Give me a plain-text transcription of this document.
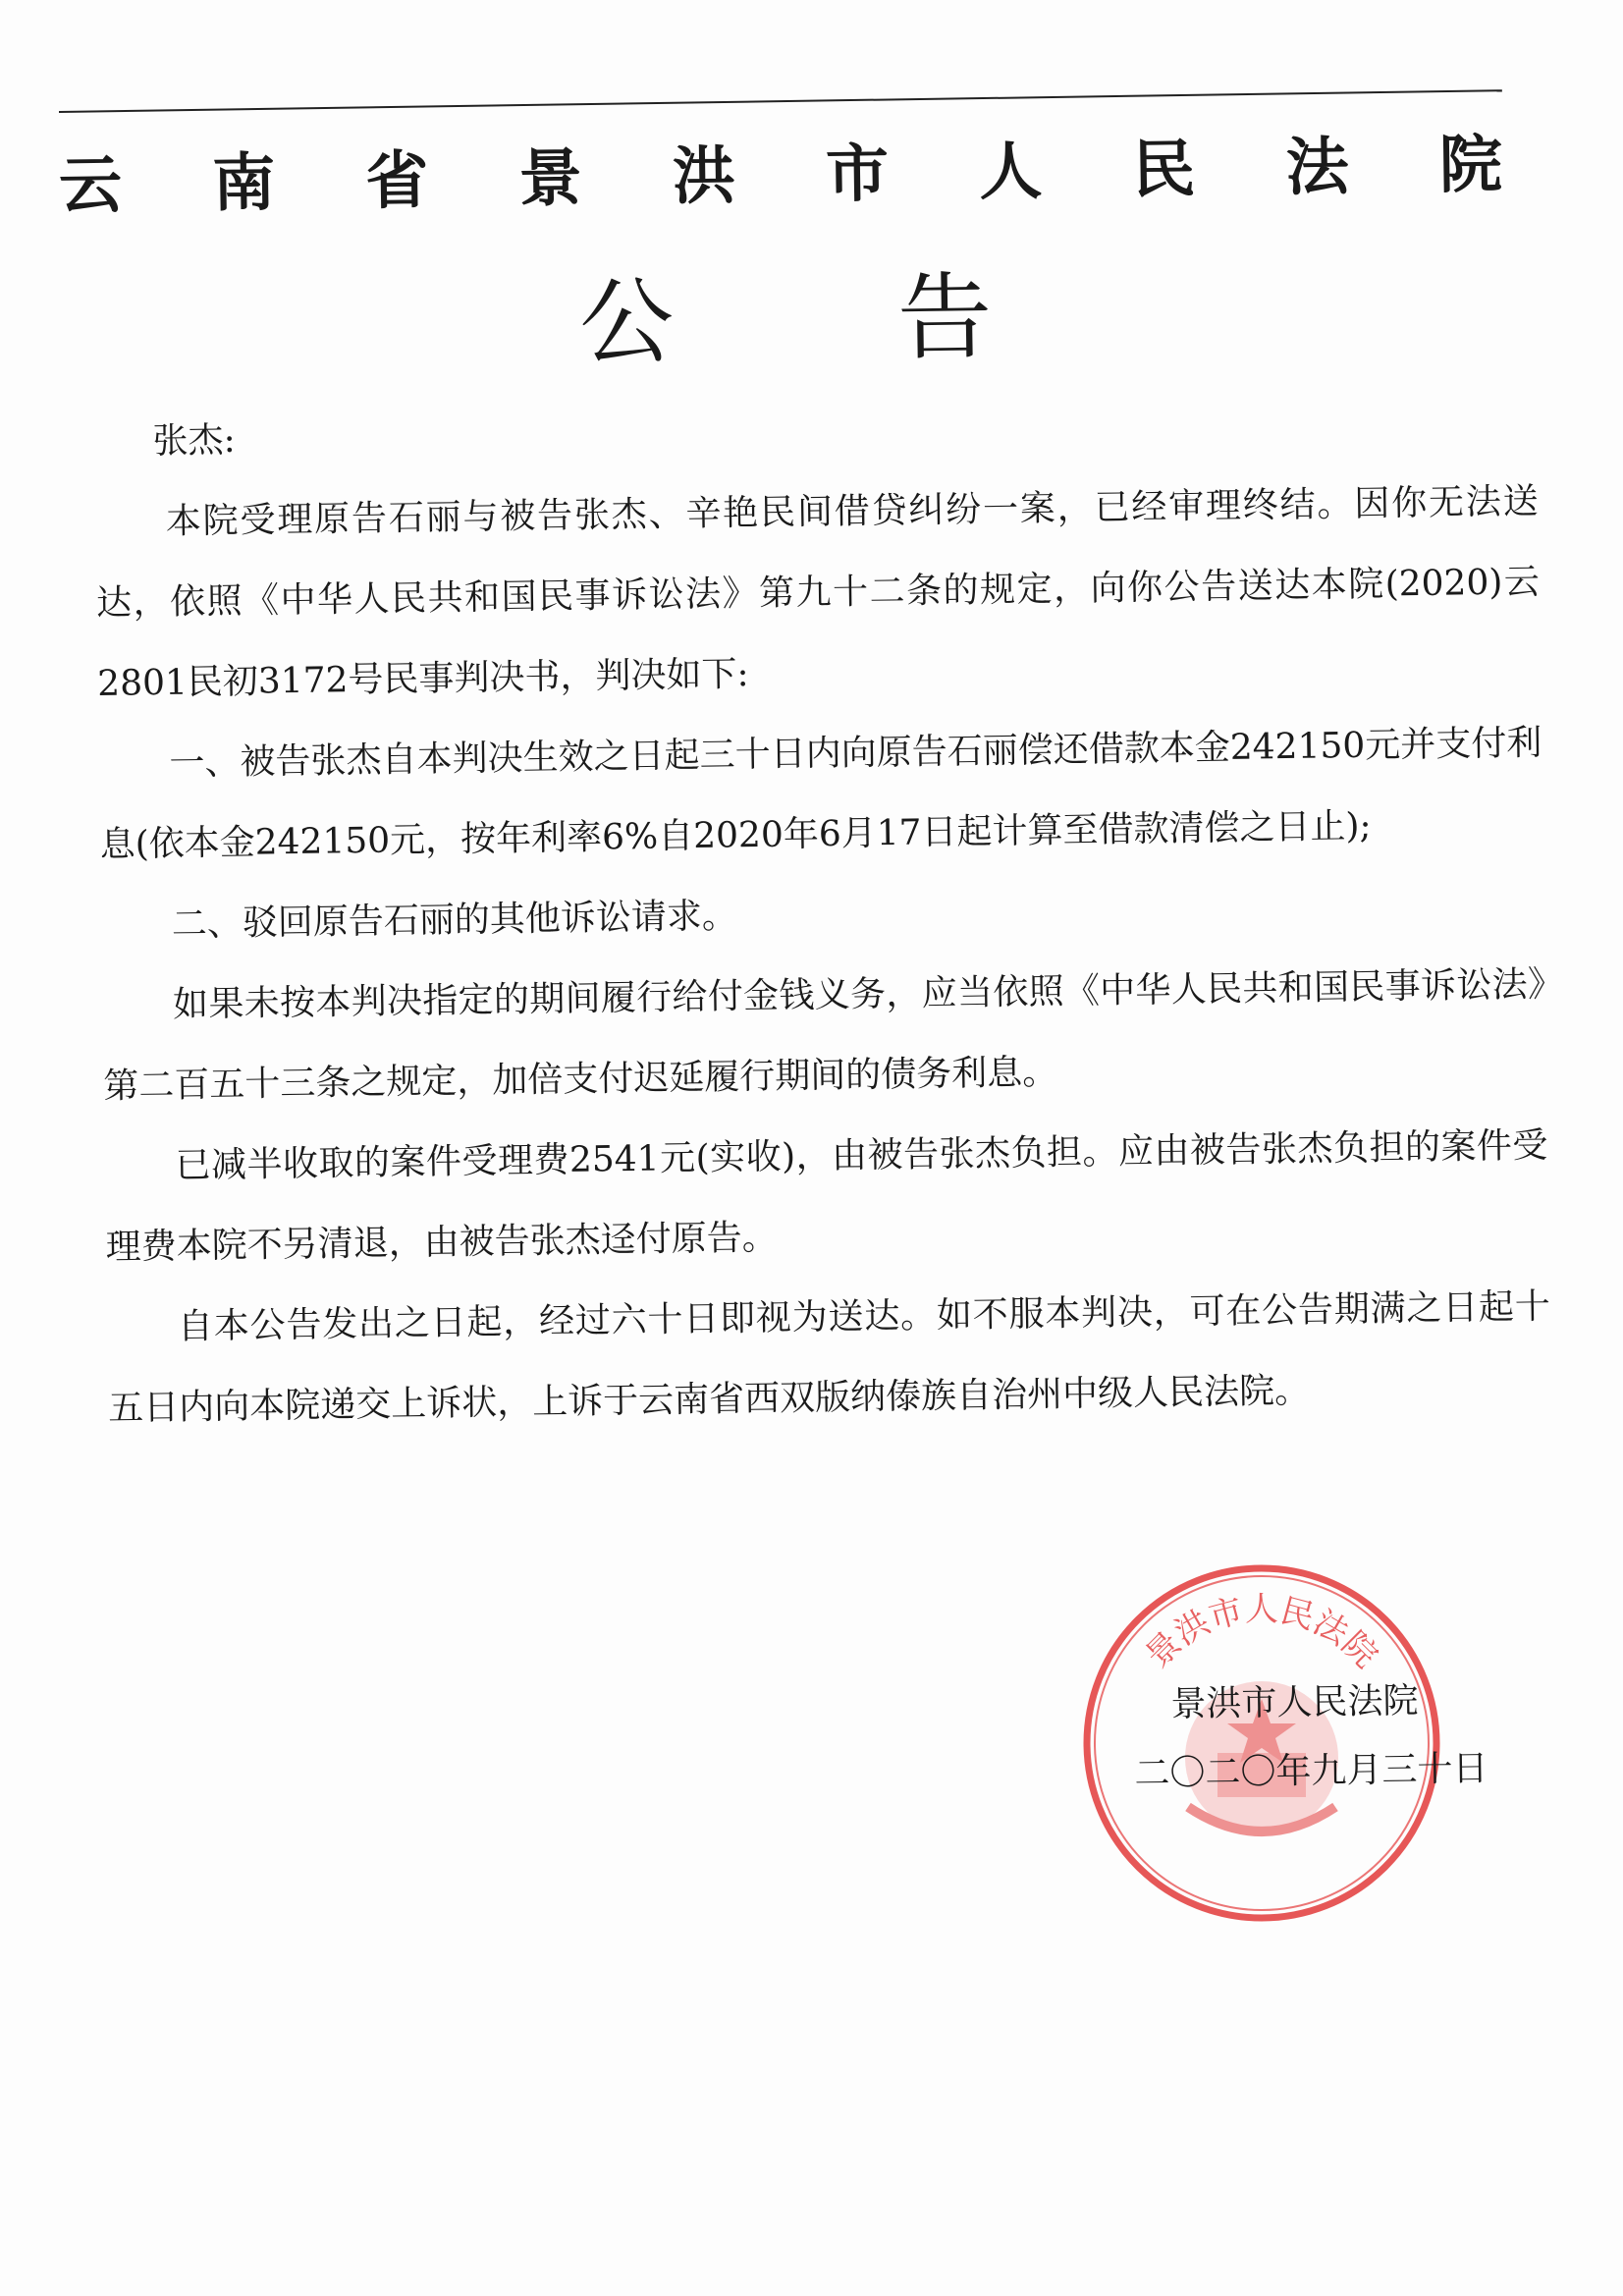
云 南 省 景 洪 市 人 民 法 院
公 告

张杰:

本院受理原告石丽与被告张杰、辛艳民间借贷纠纷一案，已经审理终结。因你无法送达，依照《中华人民共和国民事诉讼法》第九十二条的规定，向你公告送达本院(2020)云2801民初3172号民事判决书，判决如下:

一、被告张杰自本判决生效之日起三十日内向原告石丽偿还借款本金242150元并支付利息(依本金242150元，按年利率6%自2020年6月17日起计算至借款清偿之日止);

二、驳回原告石丽的其他诉讼请求。

如果未按本判决指定的期间履行给付金钱义务，应当依照《中华人民共和国民事诉讼法》第二百五十三条之规定，加倍支付迟延履行期间的债务利息。

已减半收取的案件受理费2541元(实收)，由被告张杰负担。应由被告张杰负担的案件受理费本院不另清退，由被告张杰迳付原告。

自本公告发出之日起，经过六十日即视为送达。如不服本判决，可在公告期满之日起十五日内向本院递交上诉状，上诉于云南省西双版纳傣族自治州中级人民法院。

景洪市人民法院
景洪市人民法院
二〇二〇年九月三十日
